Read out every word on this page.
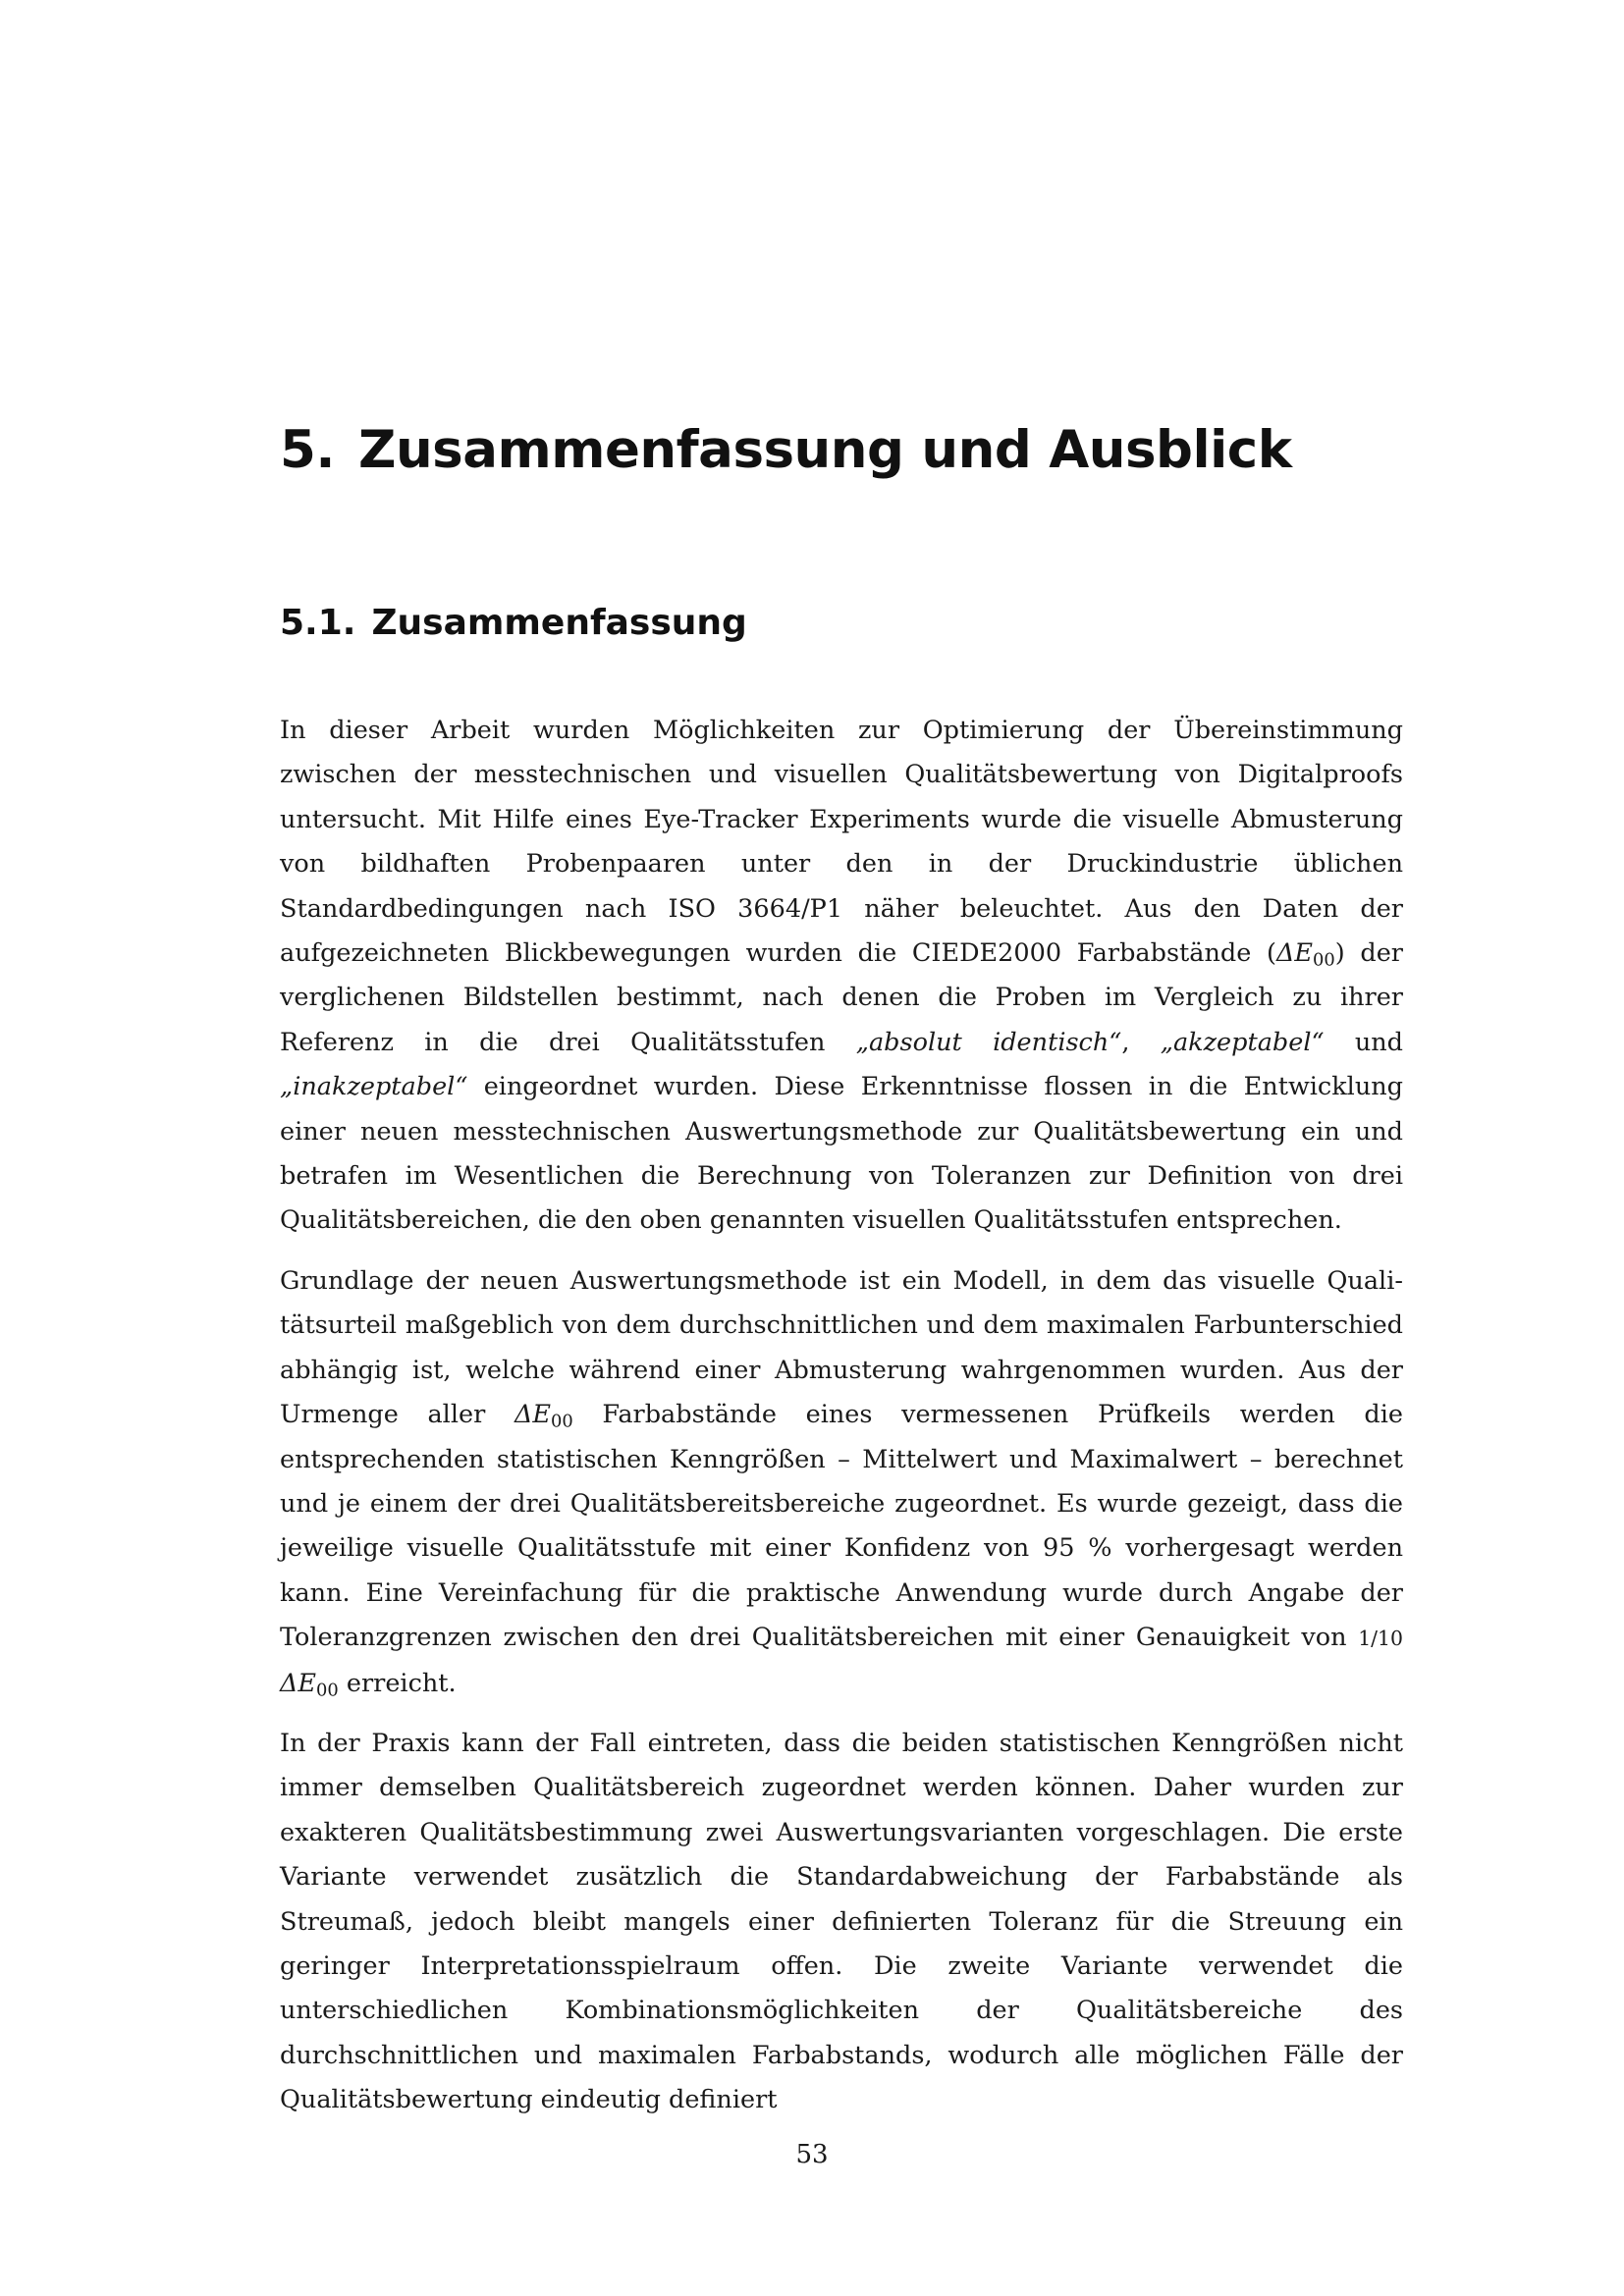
5. Zusammenfassung und Ausblick
5.1. Zusammenfassung

In dieser Arbeit wurden Möglichkeiten zur Optimierung der Übereinstimmung zwischen der messtechnischen und visuellen Qualitätsbewertung von Digitalproofs untersucht. Mit Hilfe eines Eye-Tracker Experiments wurde die visuelle Abmusterung von bildhaften Probenpaaren unter den in der Druckindustrie üblichen Standardbedingungen nach ISO 3664/P1 näher beleuchtet. Aus den Daten der aufgezeichneten Blickbewegungen wurden die CIEDE2000 Farbabstände $(\Delta E_{00})$ der verglichenen Bildstellen bestimmt, nach denen die Proben im Vergleich zu ihrer Referenz in die drei Qualitätsstufen „absolut identisch“, „akzeptabel“ und „inakzeptabel“ eingeordnet wurden. Diese Erkenntnisse flossen in die Entwicklung einer neuen messtechnischen Auswertungsmethode zur Qualitätsbewertung ein und betrafen im Wesentlichen die Berechnung von Toleranzen zur Definition von drei Qualitätsbereichen, die den oben genannten visuellen Qualitätsstufen entsprechen.

Grundlage der neuen Auswertungsmethode ist ein Modell, in dem das visuelle Qualitätsurteil maßgeblich von dem durchschnittlichen und dem maximalen Farbunterschied abhängig ist, welche während einer Abmusterung wahrgenommen wurden. Aus der Urmenge aller $\Delta E_{00}$ Farbabstände eines vermessenen Prüfkeils werden die entsprechenden statistischen Kenngrößen – Mittelwert und Maximalwert – berechnet und je einem der drei Qualitätsbereitsbereiche zugeordnet. Es wurde gezeigt, dass die jeweilige visuelle Qualitätsstufe mit einer Konfidenz von 95 % vorhergesagt werden kann. Eine Vereinfachung für die praktische Anwendung wurde durch Angabe der Toleranzgrenzen zwischen den drei Qualitätsbereichen mit einer Genauigkeit von 1/10 $\Delta E_{00}$ erreicht.

In der Praxis kann der Fall eintreten, dass die beiden statistischen Kenngrößen nicht immer demselben Qualitätsbereich zugeordnet werden können. Daher wurden zur exakteren Qualitätsbestimmung zwei Auswertungsvarianten vorgeschlagen. Die erste Variante verwendet zusätzlich die Standardabweichung der Farbabstände als Streumaß, jedoch bleibt mangels einer definierten Toleranz für die Streuung ein geringer Interpretationsspielraum offen. Die zweite Variante verwendet die unterschiedlichen Kombinationsmöglichkeiten der Qualitätsbereiche des durchschnittlichen und maximalen Farbabstands, wodurch alle möglichen Fälle der Qualitätsbewertung eindeutig definiert

53
